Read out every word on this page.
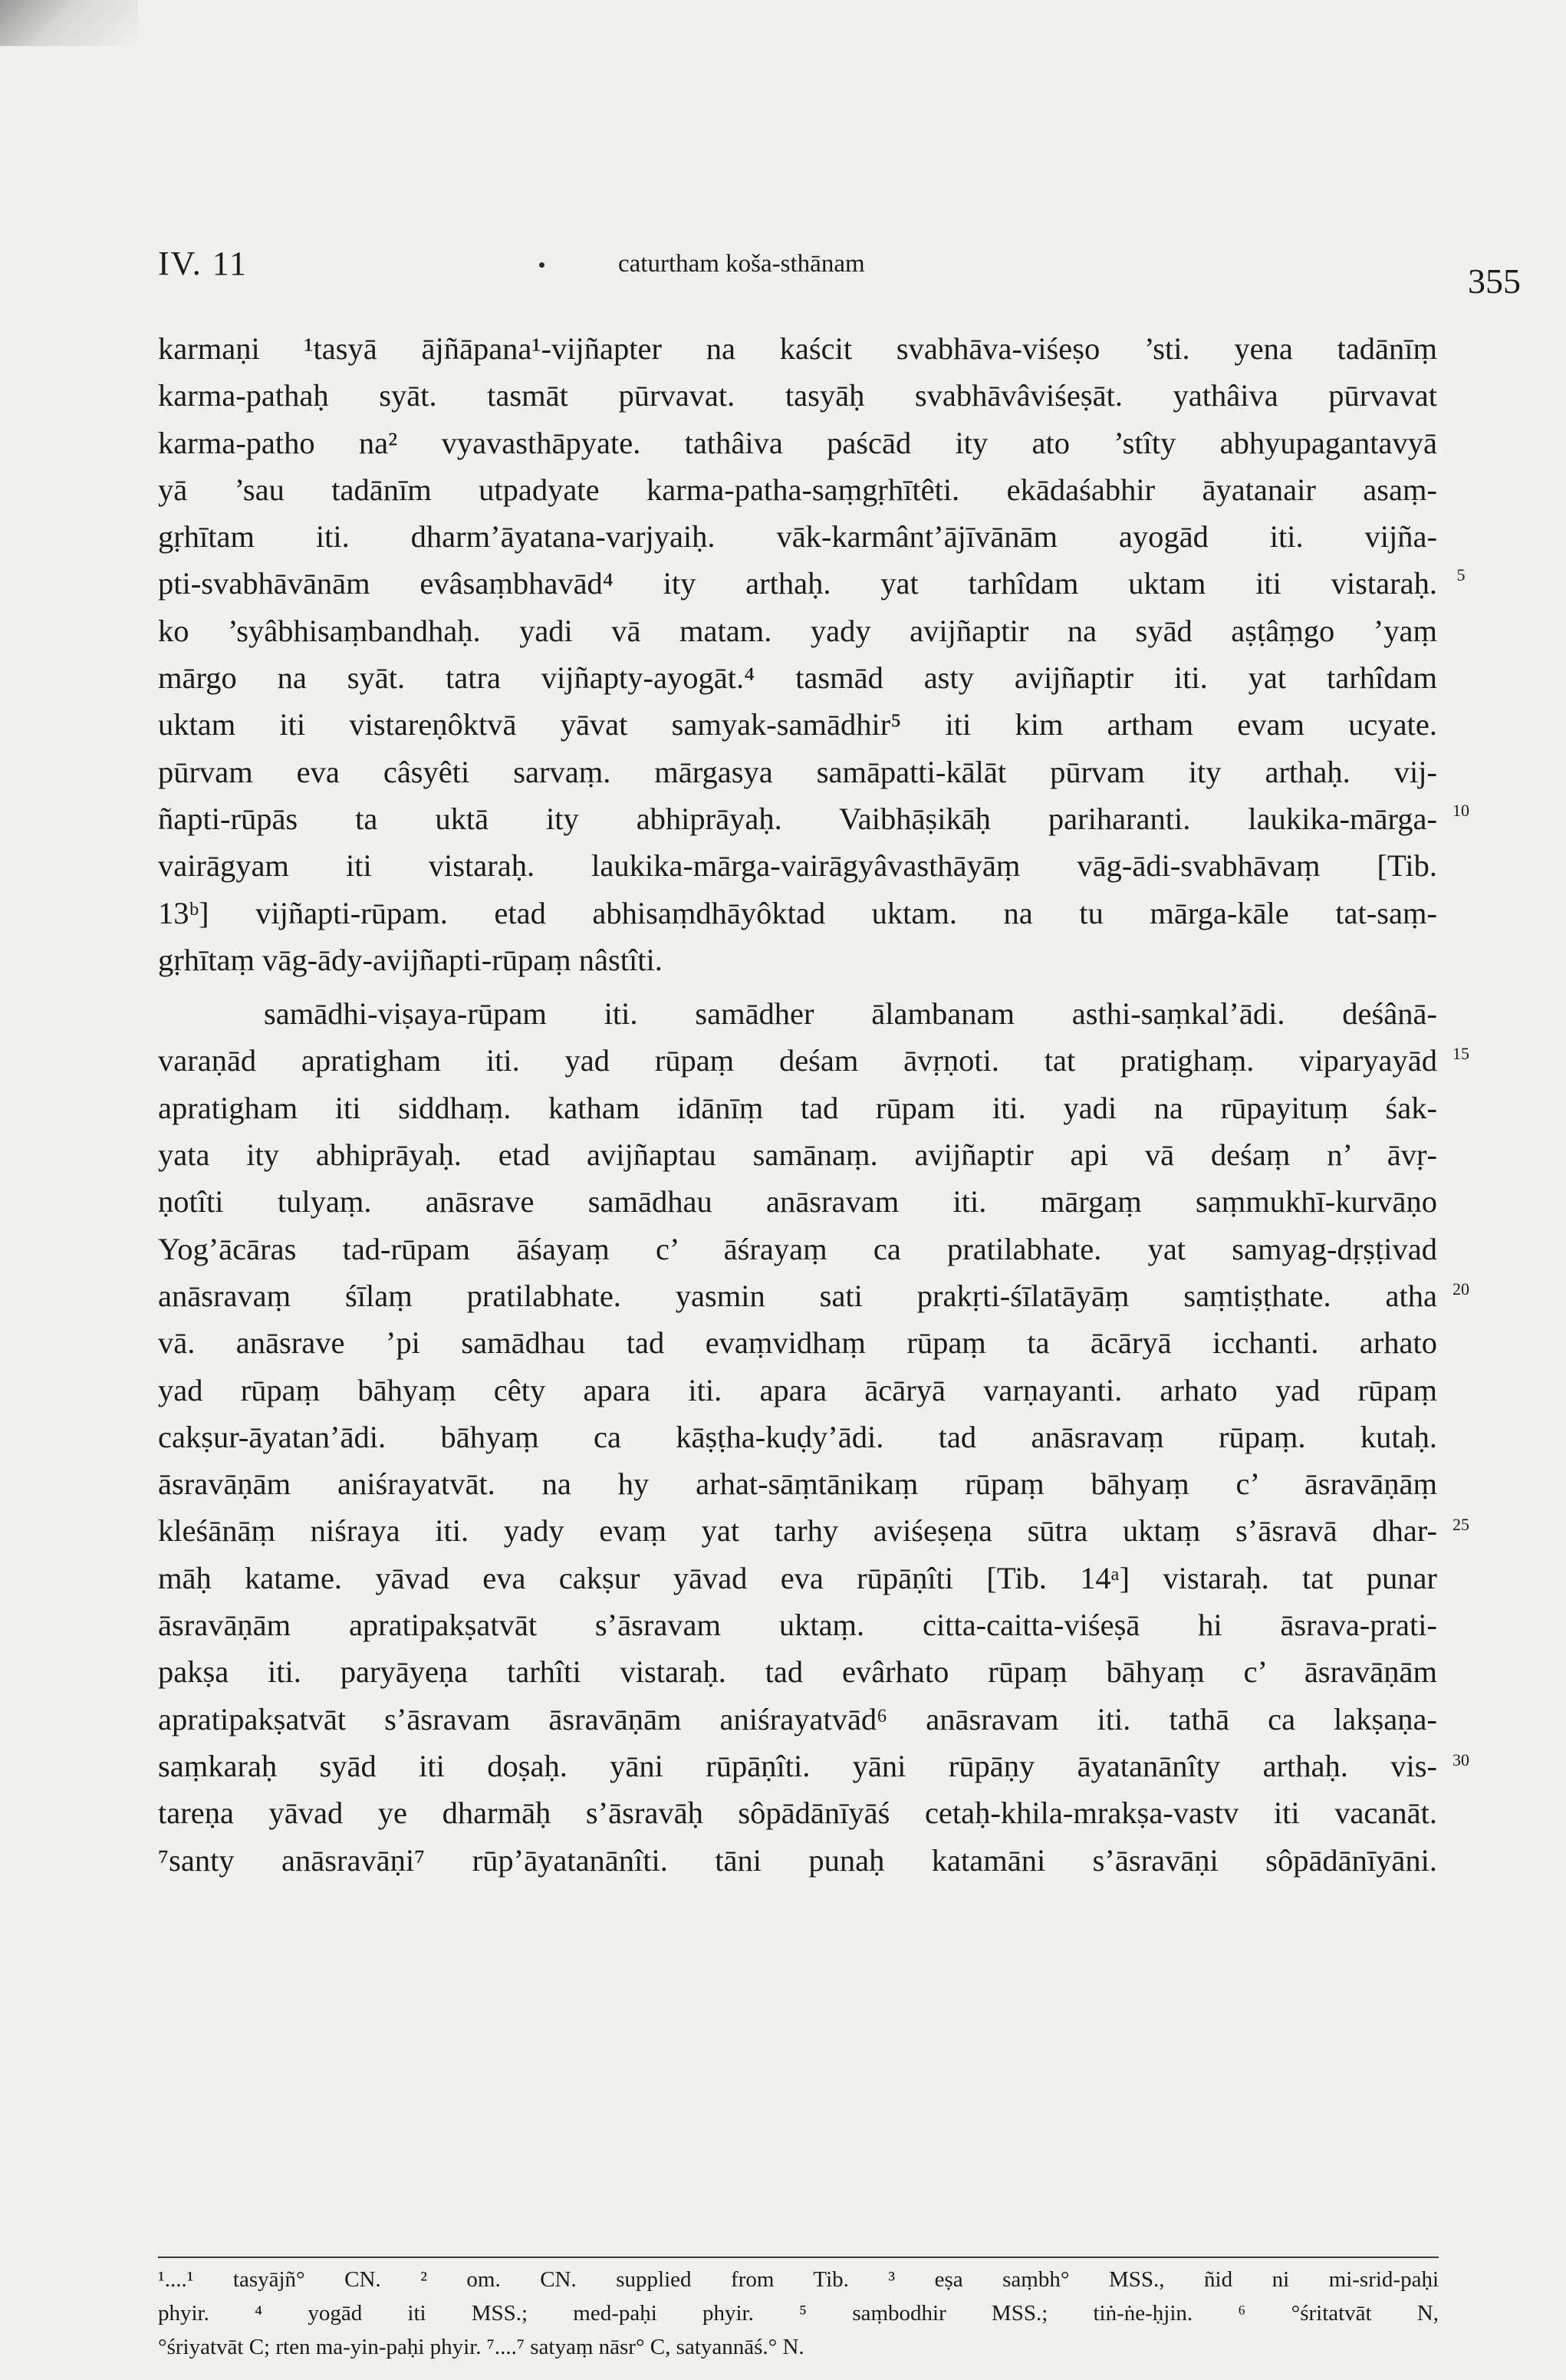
IV. 11	caturtham koša-sthānam	355
karmaṇi ¹tasyā ājñāpana¹-vijñapter na kaścit svabhāva-viśeṣo ’sti. yena tadānīṃ
karma-pathaḥ syāt. tasmāt pūrvavat. tasyāḥ svabhāvâviśeṣāt. yathâiva pūrvavat
karma-patho na² vyavasthāpyate. tathâiva paścād ity ato ’stîty abhyupagantavyā
yā ’sau tadānīm utpadyate karma-patha-saṃgṛhītêti. ekādaśabhir āyatanair asaṃ-
gṛhītam iti. dharm’āyatana-varjyaiḥ. vāk-karmânt’ājīvānām ayogād iti. vijña-
pti-svabhāvānām evâsaṃbhavād⁴ ity arthaḥ. yat tarhîdam uktam iti vistaraḥ.
ko ’syâbhisaṃbandhaḥ. yadi vā matam. yady avijñaptir na syād aṣṭâṃgo ’yaṃ
mārgo na syāt. tatra vijñapty-ayogāt.⁴ tasmād asty avijñaptir iti. yat tarhîdam
uktam iti vistareṇôktvā yāvat samyak-samādhir⁵ iti kim artham evam ucyate.
pūrvam eva câsyêti sarvaṃ. mārgasya samāpatti-kālāt pūrvam ity arthaḥ. vij-
ñapti-rūpās ta uktā ity abhiprāyaḥ. Vaibhāṣikāḥ pariharanti. laukika-mārga-
vairāgyam iti vistaraḥ. laukika-mārga-vairāgyâvasthāyāṃ vāg-ādi-svabhāvaṃ [Tib.
13ᵇ] vijñapti-rūpam. etad abhisaṃdhāyôktad uktam. na tu mārga-kāle tat-saṃ-
gṛhītaṃ vāg-ādy-avijñapti-rūpaṃ nâstîti.
samādhi-viṣaya-rūpam iti. samādher ālambanam asthi-saṃkal’ādi. deśânā-
varaṇād apratigham iti. yad rūpaṃ deśam āvṛṇoti. tat pratighaṃ. viparyayād
apratigham iti siddhaṃ. katham idānīṃ tad rūpam iti. yadi na rūpayituṃ śak-
yata ity abhiprāyaḥ. etad avijñaptau samānaṃ. avijñaptir api vā deśaṃ n’ āvṛ-
ṇotîti tulyaṃ. anāsrave samādhau anāsravam iti. mārgaṃ saṃmukhī-kurvāṇo
Yog’ācāras tad-rūpam āśayaṃ c’ āśrayaṃ ca pratilabhate. yat samyag-dṛṣṭivad
anāsravaṃ śīlaṃ pratilabhate. yasmin sati prakṛti-śīlatāyāṃ saṃtiṣṭhate. atha
vā. anāsrave ’pi samādhau tad evaṃvidhaṃ rūpaṃ ta ācāryā icchanti. arhato
yad rūpaṃ bāhyaṃ cêty apara iti. apara ācāryā varṇayanti. arhato yad rūpaṃ
cakṣur-āyatan’ādi. bāhyaṃ ca kāṣṭha-kuḍy’ādi. tad anāsravaṃ rūpaṃ. kutaḥ.
āsravāṇām aniśrayatvāt. na hy arhat-sāṃtānikaṃ rūpaṃ bāhyaṃ c’ āsravāṇāṃ
kleśānāṃ niśraya iti. yady evaṃ yat tarhy aviśeṣeṇa sūtra uktaṃ s’āsravā dhar-
māḥ katame. yāvad eva cakṣur yāvad eva rūpāṇîti [Tib. 14ᵃ] vistaraḥ. tat punar
āsravāṇām apratipakṣatvāt s’āsravam uktaṃ. citta-caitta-viśeṣā hi āsrava-prati-
pakṣa iti. paryāyeṇa tarhîti vistaraḥ. tad evârhato rūpaṃ bāhyaṃ c’ āsravāṇām
apratipakṣatvāt s’āsravam āsravāṇām aniśrayatvād⁶ anāsravam iti. tathā ca lakṣaṇa-
saṃkaraḥ syād iti doṣaḥ. yāni rūpāṇîti. yāni rūpāṇy āyatanānîty arthaḥ. vis-
tareṇa yāvad ye dharmāḥ s’āsravāḥ sôpādānīyāś cetaḥ-khila-mrakṣa-vastv iti vacanāt.
⁷santy anāsravāṇi⁷ rūp’āyatanānîti. tāni punaḥ katamāni s’āsravāṇi sôpādānīyāni.
5
10
15
20
25
30
¹....¹ tasyājñ° CN. ² om. CN. supplied from Tib. ³ eṣa saṃbh° MSS., ñid ni mi-srid-paḥi
phyir. ⁴ yogād iti MSS.; med-paḥi phyir. ⁵ saṃbodhir MSS.; tiṅ-ṅe-ḥjin. ⁶ °śritatvāt N,
°śriyatvāt C; rten ma-yin-paḥi phyir. ⁷....⁷ satyaṃ nāsr° C, satyannāś.° N.
